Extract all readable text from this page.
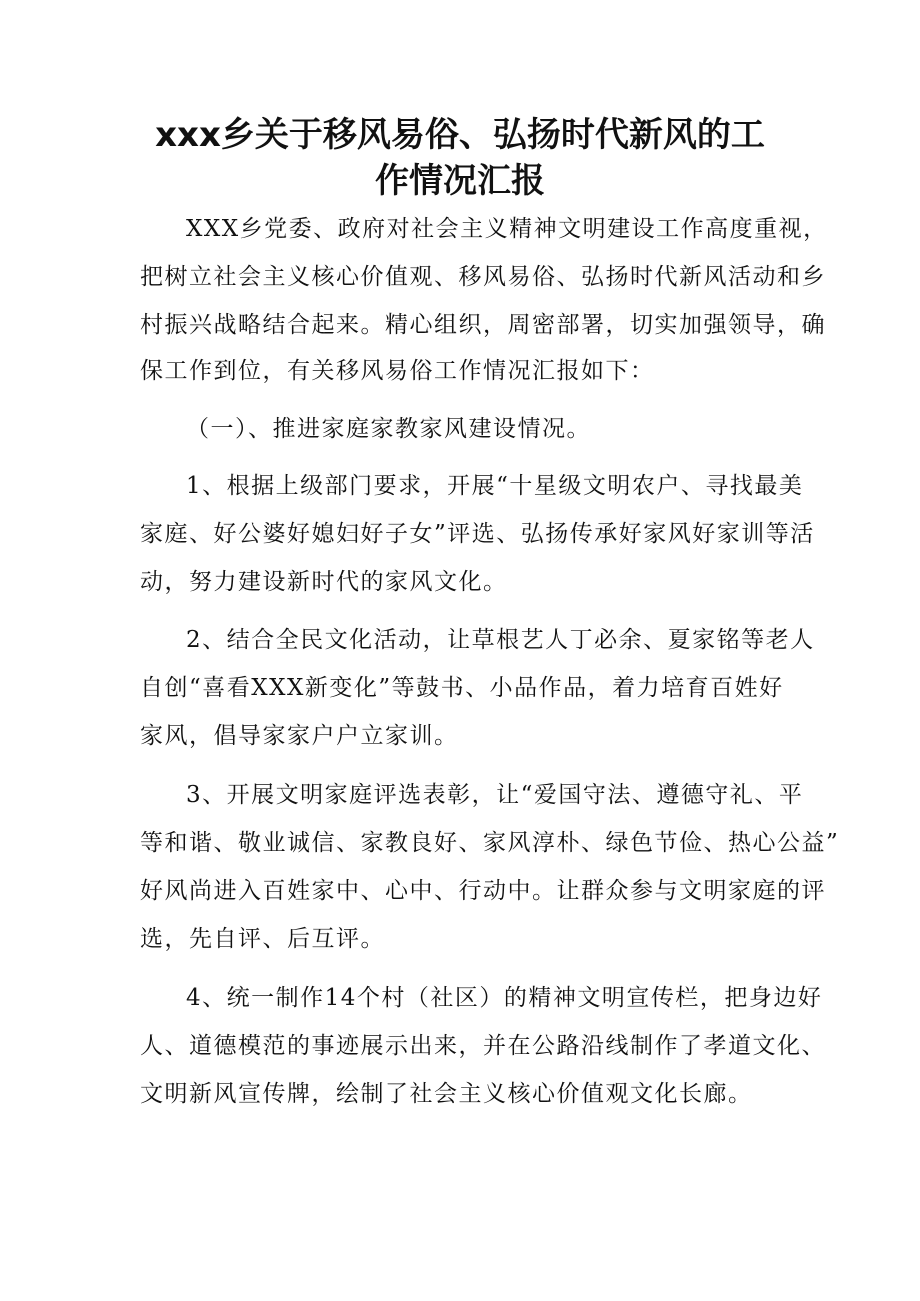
xxx乡关于移风易俗、弘扬时代新风的工
作情况汇报
XXX乡党委、政府对社会主义精神文明建设工作高度重视，
把树立社会主义核心价值观、移风易俗、弘扬时代新风活动和乡
村振兴战略结合起来。精心组织，周密部署，切实加强领导，确
保工作到位，有关移风易俗工作情况汇报如下：
（一）、推进家庭家教家风建设情况。
1、根据上级部门要求，开展“十星级文明农户、寻找最美
家庭、好公婆好媳妇好子女”评选、弘扬传承好家风好家训等活
动，努力建设新时代的家风文化。
2、结合全民文化活动，让草根艺人丁必余、夏家铭等老人
自创“喜看XXX新变化”等鼓书、小品作品，着力培育百姓好
家风，倡导家家户户立家训。
3、开展文明家庭评选表彰，让“爱国守法、遵德守礼、平
等和谐、敬业诚信、家教良好、家风淳朴、绿色节俭、热心公益”
好风尚进入百姓家中、心中、行动中。让群众参与文明家庭的评
选，先自评、后互评。
4、统一制作14个村（社区）的精神文明宣传栏，把身边好
人、道德模范的事迹展示出来，并在公路沿线制作了孝道文化、
文明新风宣传牌，绘制了社会主义核心价值观文化长廊。
